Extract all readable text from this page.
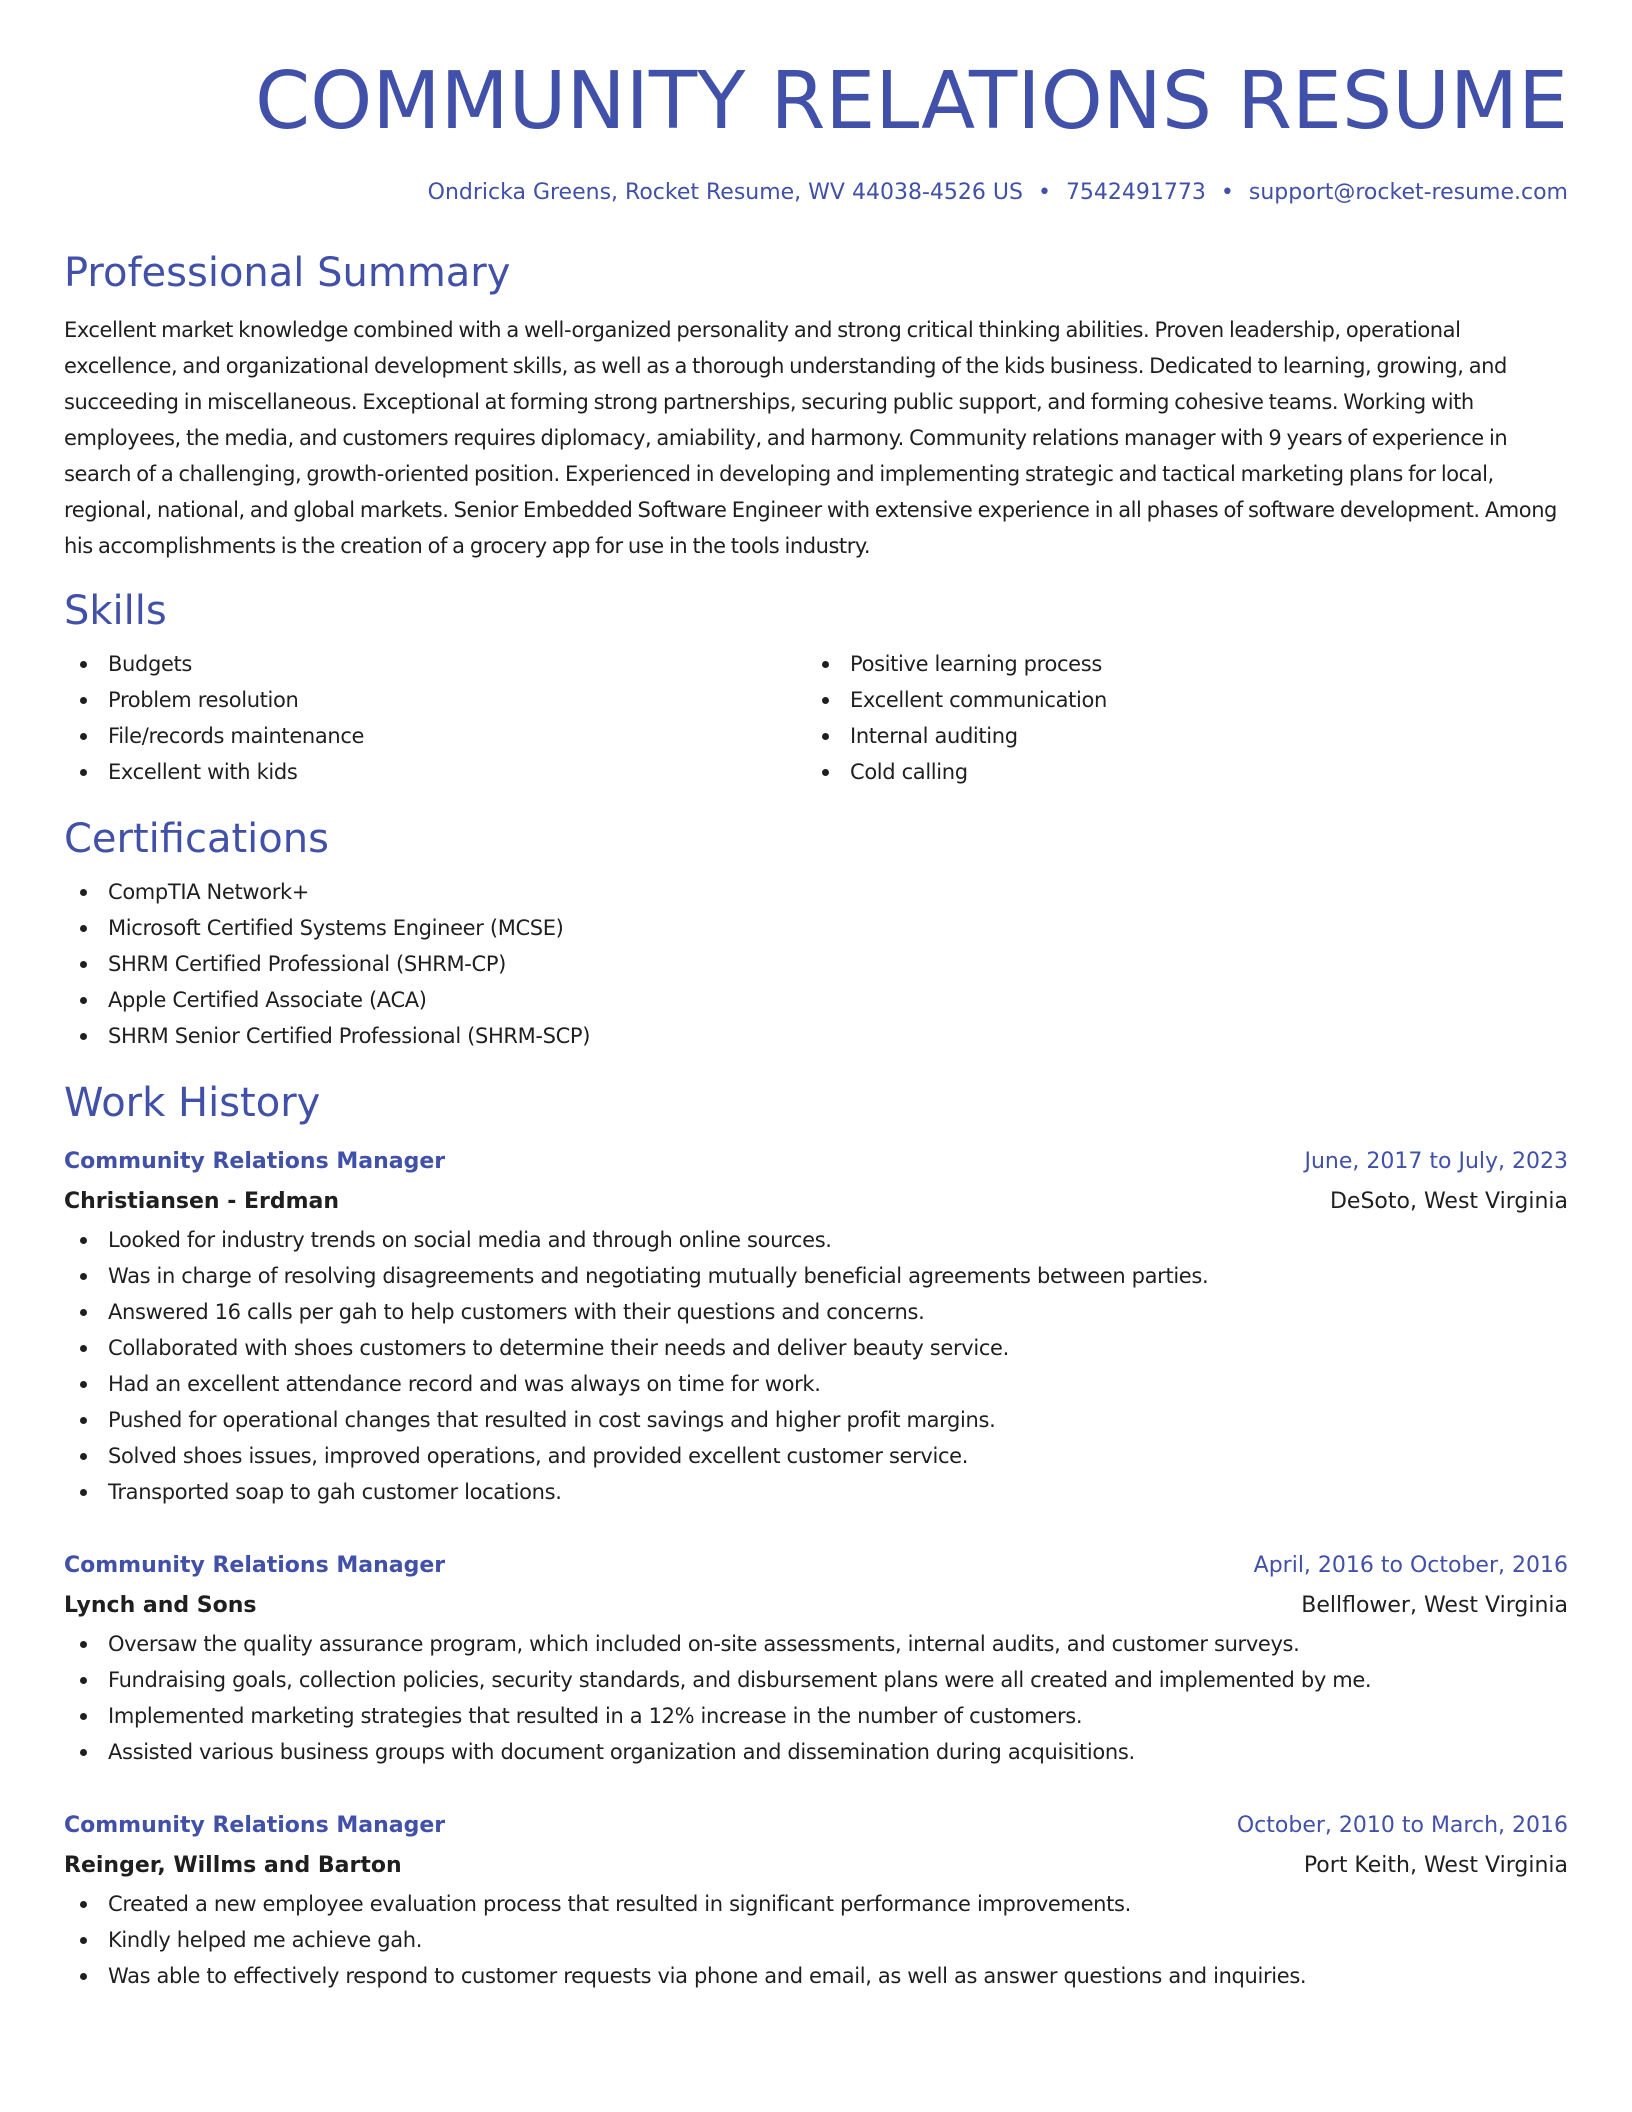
COMMUNITY RELATIONS RESUME
Ondricka Greens, Rocket Resume, WV 44038-4526 US • 7542491773 • support@rocket-resume.com
Professional Summary

Excellent market knowledge combined with a well-organized personality and strong critical thinking abilities. Proven leadership, operational excellence, and organizational development skills, as well as a thorough understanding of the kids business. Dedicated to learning, growing, and succeeding in miscellaneous. Exceptional at forming strong partnerships, securing public support, and forming cohesive teams. Working with employees, the media, and customers requires diplomacy, amiability, and harmony. Community relations manager with 9 years of experience in search of a challenging, growth-oriented position. Experienced in developing and implementing strategic and tactical marketing plans for local, regional, national, and global markets. Senior Embedded Software Engineer with extensive experience in all phases of software development. Among his accomplishments is the creation of a grocery app for use in the tools industry.

Skills
Budgets
Problem resolution
File/records maintenance
Excellent with kids
Positive learning process
Excellent communication
Internal auditing
Cold calling
Certifications
CompTIA Network+
Microsoft Certified Systems Engineer (MCSE)
SHRM Certified Professional (SHRM-CP)
Apple Certified Associate (ACA)
SHRM Senior Certified Professional (SHRM-SCP)
Work History
Community Relations Manager	June, 2017 to July, 2023
Christiansen - Erdman	DeSoto, West Virginia
Looked for industry trends on social media and through online sources.
Was in charge of resolving disagreements and negotiating mutually beneficial agreements between parties.
Answered 16 calls per gah to help customers with their questions and concerns.
Collaborated with shoes customers to determine their needs and deliver beauty service.
Had an excellent attendance record and was always on time for work.
Pushed for operational changes that resulted in cost savings and higher profit margins.
Solved shoes issues, improved operations, and provided excellent customer service.
Transported soap to gah customer locations.
Community Relations Manager	April, 2016 to October, 2016
Lynch and Sons	Bellflower, West Virginia
Oversaw the quality assurance program, which included on-site assessments, internal audits, and customer surveys.
Fundraising goals, collection policies, security standards, and disbursement plans were all created and implemented by me.
Implemented marketing strategies that resulted in a 12% increase in the number of customers.
Assisted various business groups with document organization and dissemination during acquisitions.
Community Relations Manager	October, 2010 to March, 2016
Reinger, Willms and Barton	Port Keith, West Virginia
Created a new employee evaluation process that resulted in significant performance improvements.
Kindly helped me achieve gah.
Was able to effectively respond to customer requests via phone and email, as well as answer questions and inquiries.
